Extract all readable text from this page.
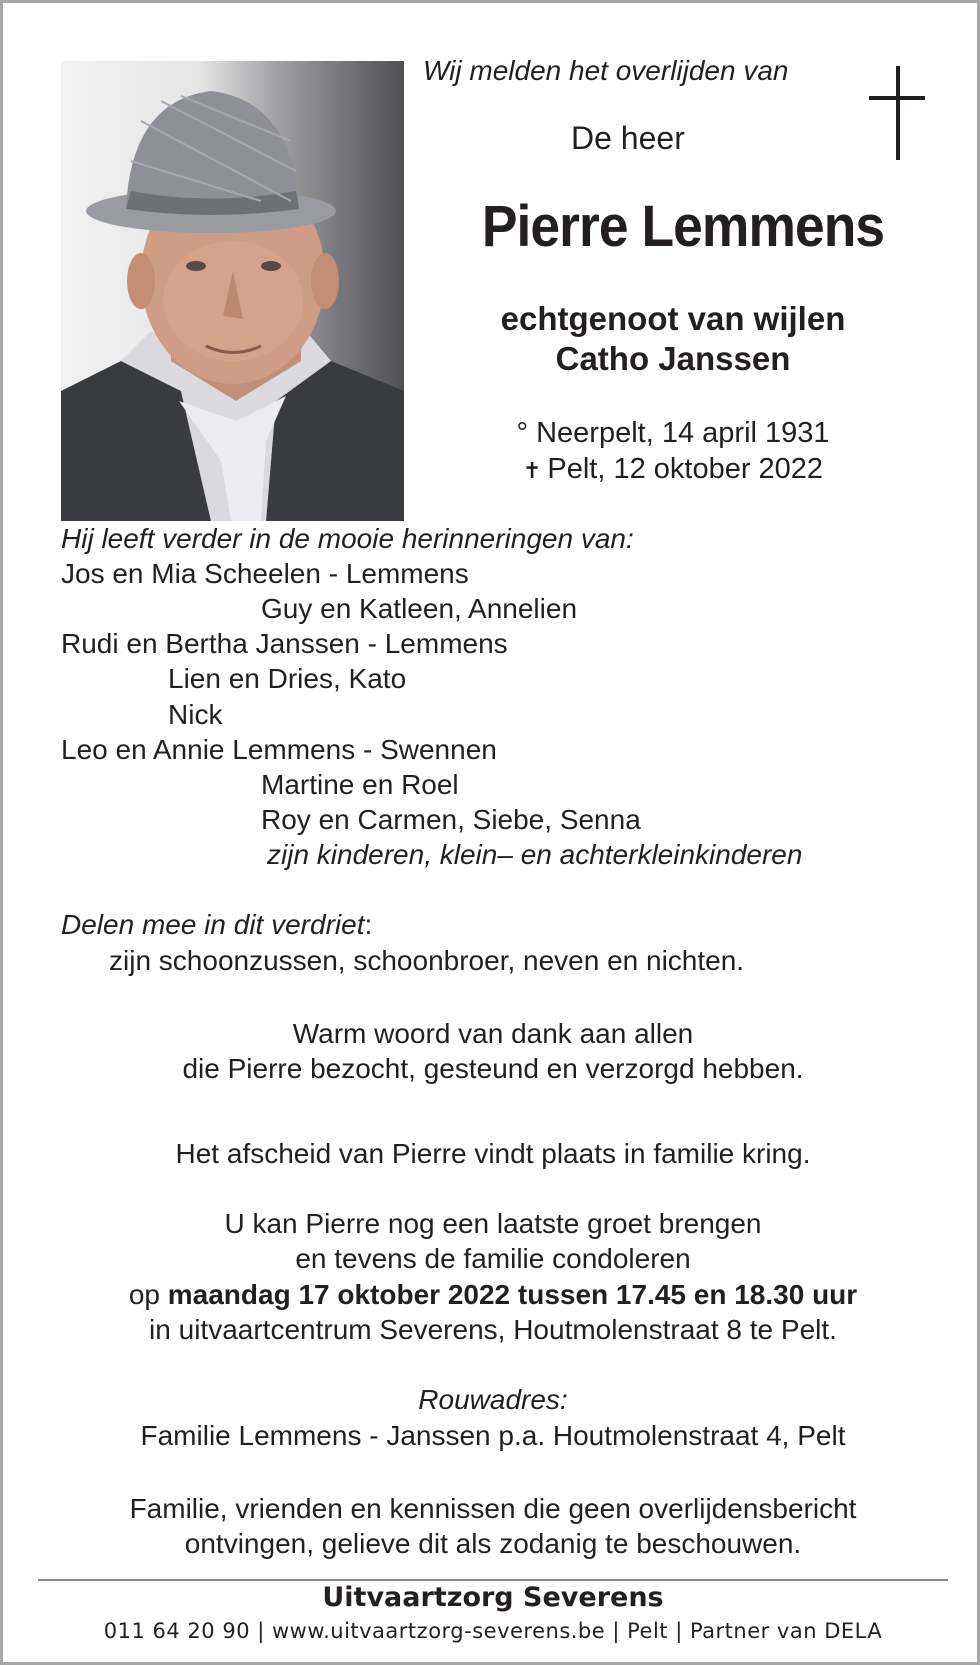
Wij melden het overlijden van
De heer
Pierre Lemmens
echtgenoot van wijlen
Catho Janssen
° Neerpelt, 14 april 1931
✝ Pelt, 12 oktober 2022
Hij leeft verder in de mooie herinneringen van:
Jos en Mia Scheelen - Lemmens
Guy en Katleen, Annelien
Rudi en Bertha Janssen - Lemmens
Lien en Dries, Kato
Nick
Leo en Annie Lemmens - Swennen
Martine en Roel
Roy en Carmen, Siebe, Senna
zijn kinderen, klein– en achterkleinkinderen
Delen mee in dit verdriet:
zijn schoonzussen, schoonbroer, neven en nichten.
Warm woord van dank aan allen
die Pierre bezocht, gesteund en verzorgd hebben.
Het afscheid van Pierre vindt plaats in familie kring.
U kan Pierre nog een laatste groet brengen
en tevens de familie condoleren
op maandag 17 oktober 2022 tussen 17.45 en 18.30 uur
in uitvaartcentrum Severens, Houtmolenstraat 8 te Pelt.
Rouwadres:
Familie Lemmens - Janssen p.a. Houtmolenstraat 4, Pelt
Familie, vrienden en kennissen die geen overlijdensbericht
ontvingen, gelieve dit als zodanig te beschouwen.
Uitvaartzorg Severens
011 64 20 90 | www.uitvaartzorg-severens.be | Pelt | Partner van DELA
